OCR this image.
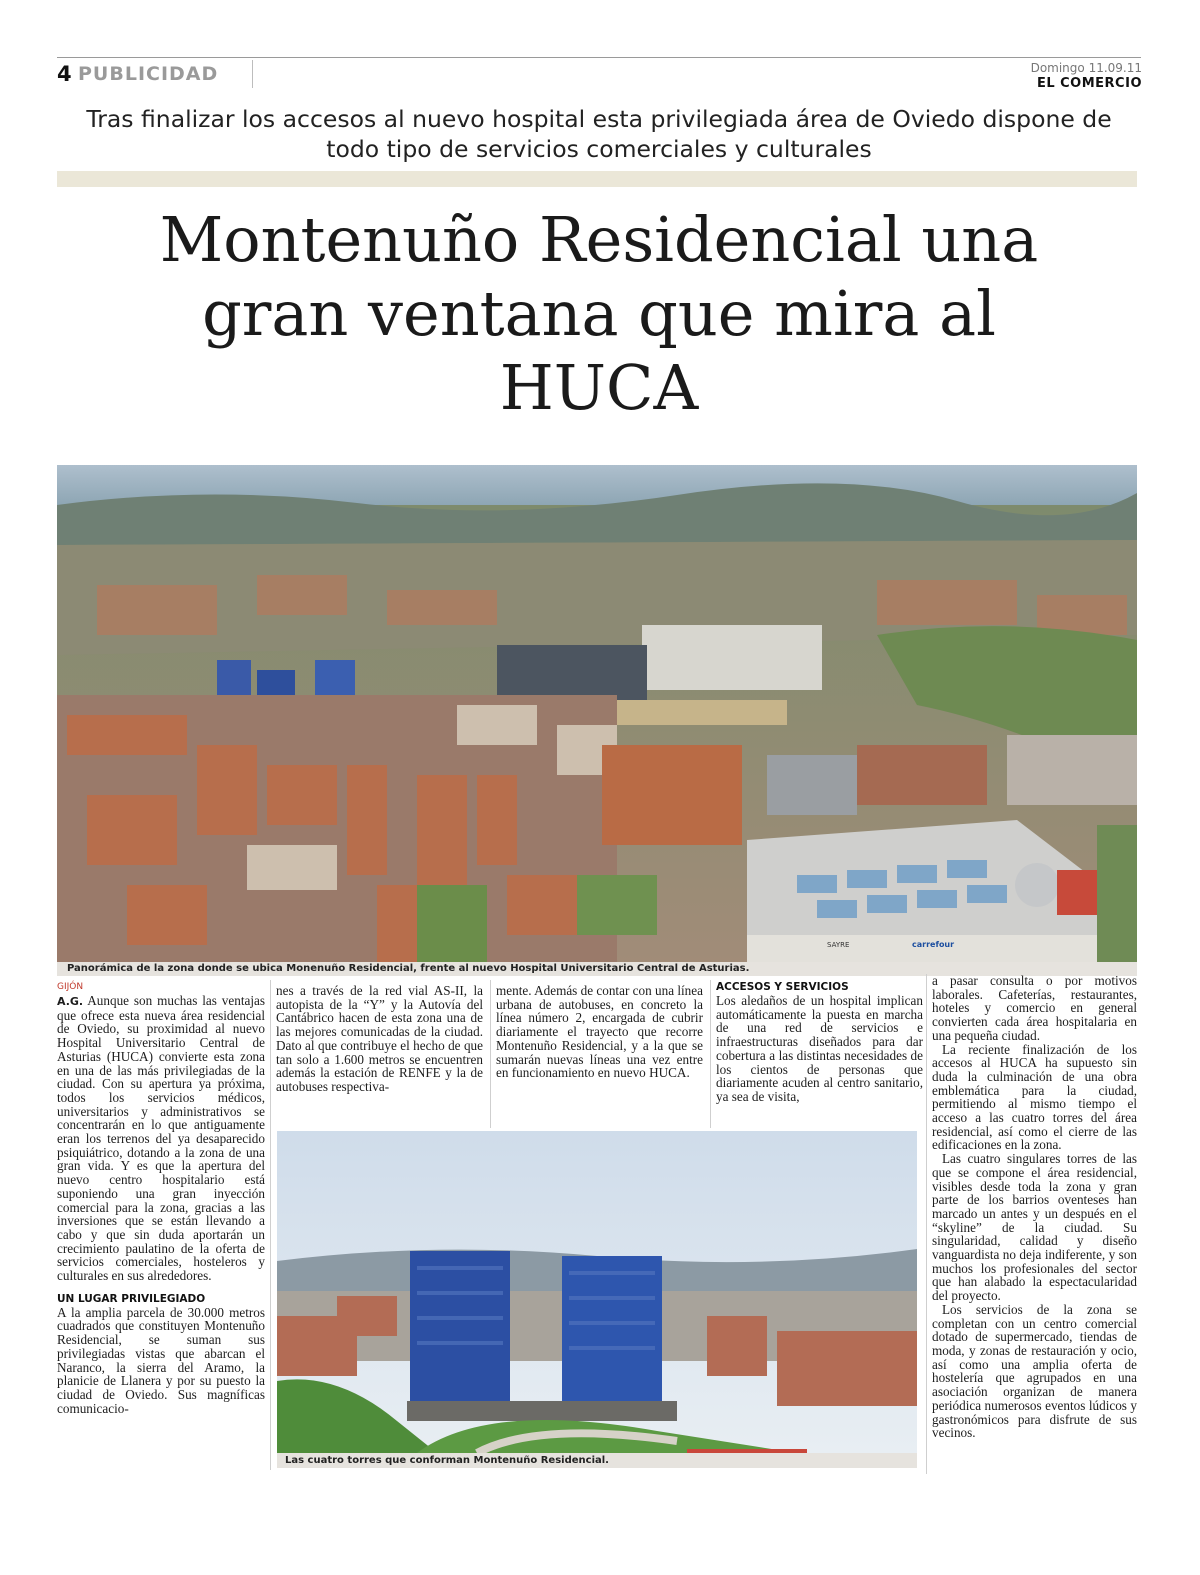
4 PUBLICIDAD	Domingo 11.09.11
EL COMERCIO
Tras finalizar los accesos al nuevo hospital esta privilegiada área de Oviedo dispone de todo tipo de servicios comerciales y culturales
Montenuño Residencial una
gran ventana que mira al
HUCA
SAYRE	carrefour
Panorámica de la zona donde se ubica Monenuño Residencial, frente al nuevo Hospital Universitario Central de Asturias.
GIJÓN

A.G. Aunque son muchas las ventajas que ofrece esta nueva área residencial de Oviedo, su proximidad al nuevo Hospital Universitario Central de Asturias (HUCA) convierte esta zona en una de las más privilegiadas de la ciudad. Con su apertura ya próxima, todos los servicios médicos, universitarios y administrativos se concentrarán en lo que antiguamente eran los terrenos del ya desaparecido psiquiátrico, dotando a la zona de una gran vida. Y es que la apertura del nuevo centro hospitalario está suponiendo una gran inyección comercial para la zona, gracias a las inversiones que se están llevando a cabo y que sin duda aportarán un crecimiento paulatino de la oferta de servicios comerciales, hosteleros y culturales en sus alrededores.

UN LUGAR PRIVILEGIADO

A la amplia parcela de 30.000 metros cuadrados que constituyen Montenuño Residencial, se suman sus privilegiadas vistas que abarcan el Naranco, la sierra del Aramo, la planicie de Llanera y por su puesto la ciudad de Oviedo. Sus magníficas comunicacio-

nes a través de la red vial AS-II, la autopista de la “Y” y la Autovía del Cantábrico hacen de esta zona una de las mejores comunicadas de la ciudad. Dato al que contribuye el hecho de que tan solo a 1.600 metros se encuentren además la estación de RENFE y la de autobuses respectiva-

mente. Además de contar con una línea urbana de autobuses, en concreto la línea número 2, encargada de cubrir diariamente el trayecto que recorre Montenuño Residencial, y a la que se sumarán nuevas líneas una vez entre en funcionamiento en nuevo HUCA.

ACCESOS Y SERVICIOS

Los aledaños de un hospital implican automáticamente la puesta en marcha de una red de servicios e infraestructuras diseñados para dar cobertura a las distintas necesidades de los cientos de personas que diariamente acuden al centro sanitario, ya sea de visita,

a pasar consulta o por motivos laborales. Cafeterías, restaurantes, hoteles y comercio en general convierten cada área hospitalaria en una pequeña ciudad.

La reciente finalización de los accesos al HUCA ha supuesto sin duda la culminación de una obra emblemática para la ciudad, permitiendo al mismo tiempo el acceso a las cuatro torres del área residencial, así como el cierre de las edificaciones en la zona.

Las cuatro singulares torres de las que se compone el área residencial, visibles desde toda la zona y gran parte de los barrios oventeses han marcado un antes y un después en el “skyline” de la ciudad. Su singularidad, calidad y diseño vanguardista no deja indiferente, y son muchos los profesionales del sector que han alabado la espectacularidad del proyecto.

Los servicios de la zona se completan con un centro comercial dotado de supermercado, tiendas de moda, y zonas de restauración y ocio, así como una amplia oferta de hostelería que agrupados en una asociación organizan de manera periódica numerosos eventos lúdicos y gastronómicos para disfrute de sus vecinos.

Las cuatro torres que conforman Montenuño Residencial.
